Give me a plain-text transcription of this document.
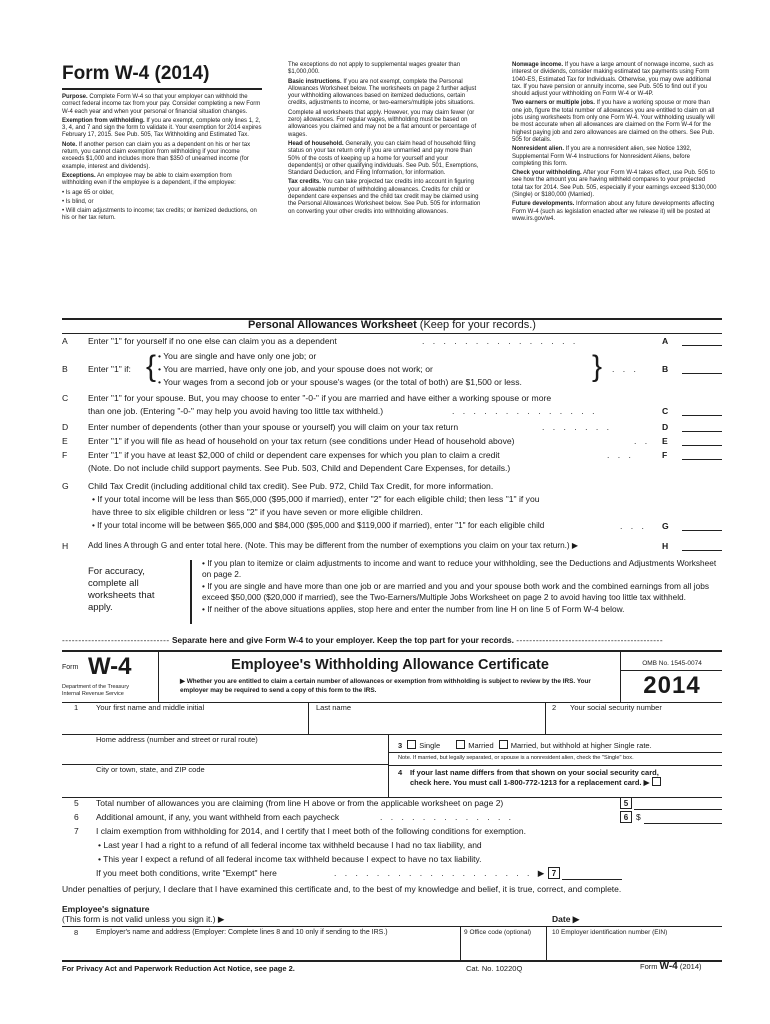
Form W-4 (2014)

Purpose. Complete Form W-4 so that your employer can withhold the correct federal income tax from your pay. Consider completing a new Form W-4 each year and when your personal or financial situation changes.

Exemption from withholding. If you are exempt, complete only lines 1, 2, 3, 4, and 7 and sign the form to validate it. Your exemption for 2014 expires February 17, 2015. See Pub. 505, Tax Withholding and Estimated Tax.

Note. If another person can claim you as a dependent on his or her tax return, you cannot claim exemption from withholding if your income exceeds $1,000 and includes more than $350 of unearned income (for example, interest and dividends).

Exceptions. An employee may be able to claim exemption from withholding even if the employee is a dependent, if the employee:

• Is age 65 or older,

• Is blind, or

• Will claim adjustments to income; tax credits; or itemized deductions, on his or her tax return.

The exceptions do not apply to supplemental wages greater than $1,000,000.

Basic instructions. If you are not exempt, complete the Personal Allowances Worksheet below. The worksheets on page 2 further adjust your withholding allowances based on itemized deductions, certain credits, adjustments to income, or two-earners/multiple jobs situations.

Complete all worksheets that apply. However, you may claim fewer (or zero) allowances. For regular wages, withholding must be based on allowances you claimed and may not be a flat amount or percentage of wages.

Head of household. Generally, you can claim head of household filing status on your tax return only if you are unmarried and pay more than 50% of the costs of keeping up a home for yourself and your dependent(s) or other qualifying individuals. See Pub. 501, Exemptions, Standard Deduction, and Filing Information, for information.

Tax credits. You can take projected tax credits into account in figuring your allowable number of withholding allowances. Credits for child or dependent care expenses and the child tax credit may be claimed using the Personal Allowances Worksheet below. See Pub. 505 for information on converting your other credits into withholding allowances.

Nonwage income. If you have a large amount of nonwage income, such as interest or dividends, consider making estimated tax payments using Form 1040-ES, Estimated Tax for Individuals. Otherwise, you may owe additional tax. If you have pension or annuity income, see Pub. 505 to find out if you should adjust your withholding on Form W-4 or W-4P.

Two earners or multiple jobs. If you have a working spouse or more than one job, figure the total number of allowances you are entitled to claim on all jobs using worksheets from only one Form W-4. Your withholding usually will be most accurate when all allowances are claimed on the Form W-4 for the highest paying job and zero allowances are claimed on the others. See Pub. 505 for details.

Nonresident alien. If you are a nonresident alien, see Notice 1392, Supplemental Form W-4 Instructions for Nonresident Aliens, before completing this form.

Check your withholding. After your Form W-4 takes effect, use Pub. 505 to see how the amount you are having withheld compares to your projected total tax for 2014. See Pub. 505, especially if your earnings exceed $130,000 (Single) or $180,000 (Married).

Future developments. Information about any future developments affecting Form W-4 (such as legislation enacted after we release it) will be posted at www.irs.gov/w4.

Personal Allowances Worksheet (Keep for your records.)
A	Enter "1" for yourself if no one else can claim you as a dependent	. . . . . . . . . . . . . . .	A
B	Enter "1" if: { • You are single and have only one job; or
• You are married, have only one job, and your spouse does not work; or
• Your wages from a second job or your spouse's wages (or the total of both) are $1,500 or less. } . . .	B
C	Enter "1" for your spouse. But, you may choose to enter "-0-" if you are married and have either a working spouse or more
than one job. (Entering "-0-" may help you avoid having too little tax withheld.)	. . . . . . . . . . . . . .	C
D	Enter number of dependents (other than your spouse or yourself) you will claim on your tax return	. . . . . . .	D
E	Enter "1" if you will file as head of household on your tax return (see conditions under Head of household above)	. . E
F	Enter "1" if you have at least $2,000 of child or dependent care expenses for which you plan to claim a credit	. . .	F
(Note. Do not include child support payments. See Pub. 503, Child and Dependent Care Expenses, for details.)
G	Child Tax Credit (including additional child tax credit). See Pub. 972, Child Tax Credit, for more information.
• If your total income will be less than $65,000 ($95,000 if married), enter "2" for each eligible child; then less "1" if you
have three to six eligible children or less "2" if you have seven or more eligible children.
• If your total income will be between $65,000 and $84,000 ($95,000 and $119,000 if married), enter "1" for each eligible child	. . . G
H	Add lines A through G and enter total here. (Note. This may be different from the number of exemptions you claim on your tax return.) ▶	H
For accuracy, complete all worksheets that apply.
• If you plan to itemize or claim adjustments to income and want to reduce your withholding, see the Deductions and Adjustments Worksheet on page 2.
• If you are single and have more than one job or are married and you and your spouse both work and the combined earnings from all jobs exceed $50,000 ($20,000 if married), see the Two-Earners/Multiple Jobs Worksheet on page 2 to avoid having too little tax withheld.
• If neither of the above situations applies, stop here and enter the number from line H on line 5 of Form W-4 below.
--------------------------------- Separate here and give Form W-4 to your employer. Keep the top part for your records. ---------------------------------------------
Form W-4
Department of the Treasury
Internal Revenue Service
Employee's Withholding Allowance Certificate
▶ Whether you are entitled to claim a certain number of allowances or exemption from withholding is subject to review by the IRS. Your employer may be required to send a copy of this form to the IRS.
OMB No. 1545-0074
2014
1 Your first name and middle initial	Last name	2 Your social security number
Home address (number and street or rural route)
3 Single	Married Married, but withhold at higher Single rate.
Note. If married, but legally separated, or spouse is a nonresident alien, check the "Single" box.
City or town, state, and ZIP code	4 If your last name differs from that shown on your social security card,
check here. You must call 1-800-772-1213 for a replacement card. ▶
5 Total number of allowances you are claiming (from line H above or from the applicable worksheet on page 2)	5
6 Additional amount, if any, you want withheld from each paycheck	. . . . . . . . . . . . .	6 $
7 I claim exemption from withholding for 2014, and I certify that I meet both of the following conditions for exemption.
• Last year I had a right to a refund of all federal income tax withheld because I had no tax liability, and
• This year I expect a refund of all federal income tax withheld because I expect to have no tax liability.
If you meet both conditions, write "Exempt" here	. . . . . . . . . . . . . . . . . . . ▶ 7
Under penalties of perjury, I declare that I have examined this certificate and, to the best of my knowledge and belief, it is true, correct, and complete.
Employee's signature
(This form is not valid unless you sign it.) ▶	Date ▶
8	Employer's name and address (Employer: Complete lines 8 and 10 only if sending to the IRS.)	9 Office code (optional)	10 Employer identification number (EIN)
For Privacy Act and Paperwork Reduction Act Notice, see page 2.	Cat. No. 10220Q	Form W-4 (2014)
